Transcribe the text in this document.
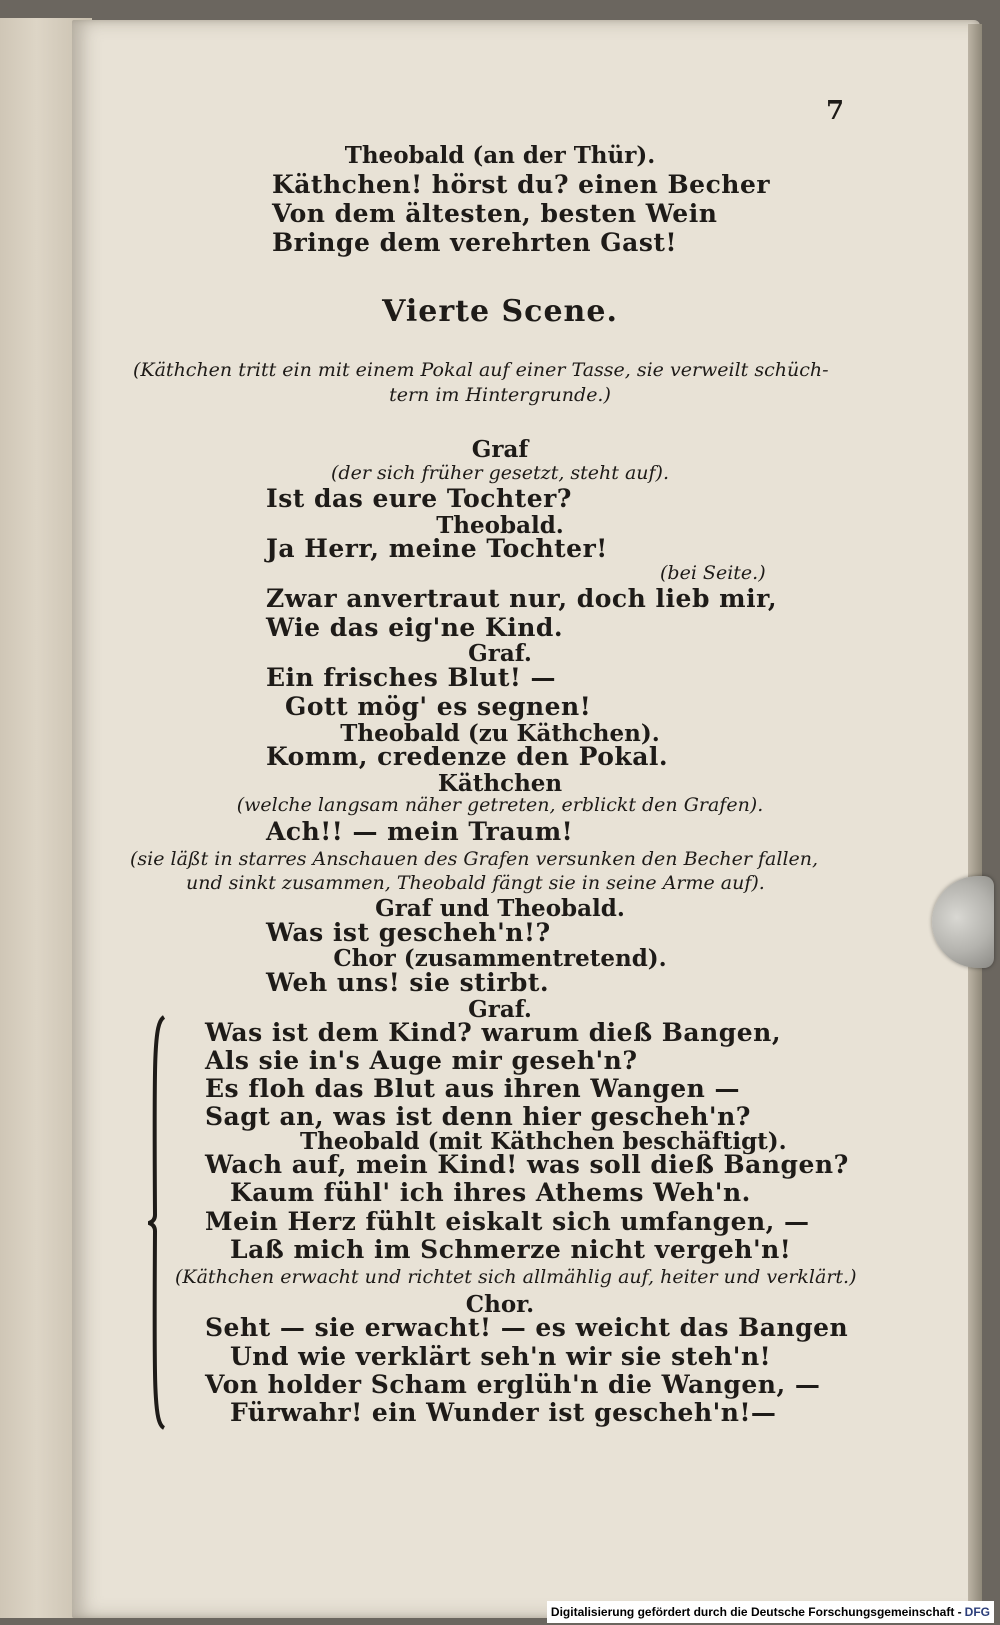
7
Theobald (an der Thür).
Käthchen! hörst du? einen Becher
Von dem ältesten, besten Wein
Bringe dem verehrten Gast!
Vierte Scene.
(Käthchen tritt ein mit einem Pokal auf einer Tasse, sie verweilt schüch-
tern im Hintergrunde.)
Graf
(der sich früher gesetzt, steht auf).
Ist das eure Tochter?
Theobald.
Ja Herr, meine Tochter!
(bei Seite.)
Zwar anvertraut nur, doch lieb mir,
Wie das eig'ne Kind.
Graf.
Ein frisches Blut! —
Gott mög' es segnen!
Theobald (zu Käthchen).
Komm, credenze den Pokal.
Käthchen
(welche langsam näher getreten, erblickt den Grafen).
Ach!! — mein Traum!
(sie läßt in starres Anschauen des Grafen versunken den Becher fallen,
und sinkt zusammen, Theobald fängt sie in seine Arme auf).
Graf und Theobald.
Was ist gescheh'n!?
Chor (zusammentretend).
Weh uns! sie stirbt.
Graf.
Was ist dem Kind? warum dieß Bangen,
Als sie in's Auge mir geseh'n?
Es floh das Blut aus ihren Wangen —
Sagt an, was ist denn hier gescheh'n?
Theobald (mit Käthchen beschäftigt).
Wach auf, mein Kind! was soll dieß Bangen?
Kaum fühl' ich ihres Athems Weh'n.
Mein Herz fühlt eiskalt sich umfangen, —
Laß mich im Schmerze nicht vergeh'n!
(Käthchen erwacht und richtet sich allmählig auf, heiter und verklärt.)
Chor.
Seht — sie erwacht! — es weicht das Bangen
Und wie verklärt seh'n wir sie steh'n!
Von holder Scham erglüh'n die Wangen, —
Fürwahr! ein Wunder ist gescheh'n!—
Digitalisierung gefördert durch die Deutsche Forschungsgemeinschaft - DFG
